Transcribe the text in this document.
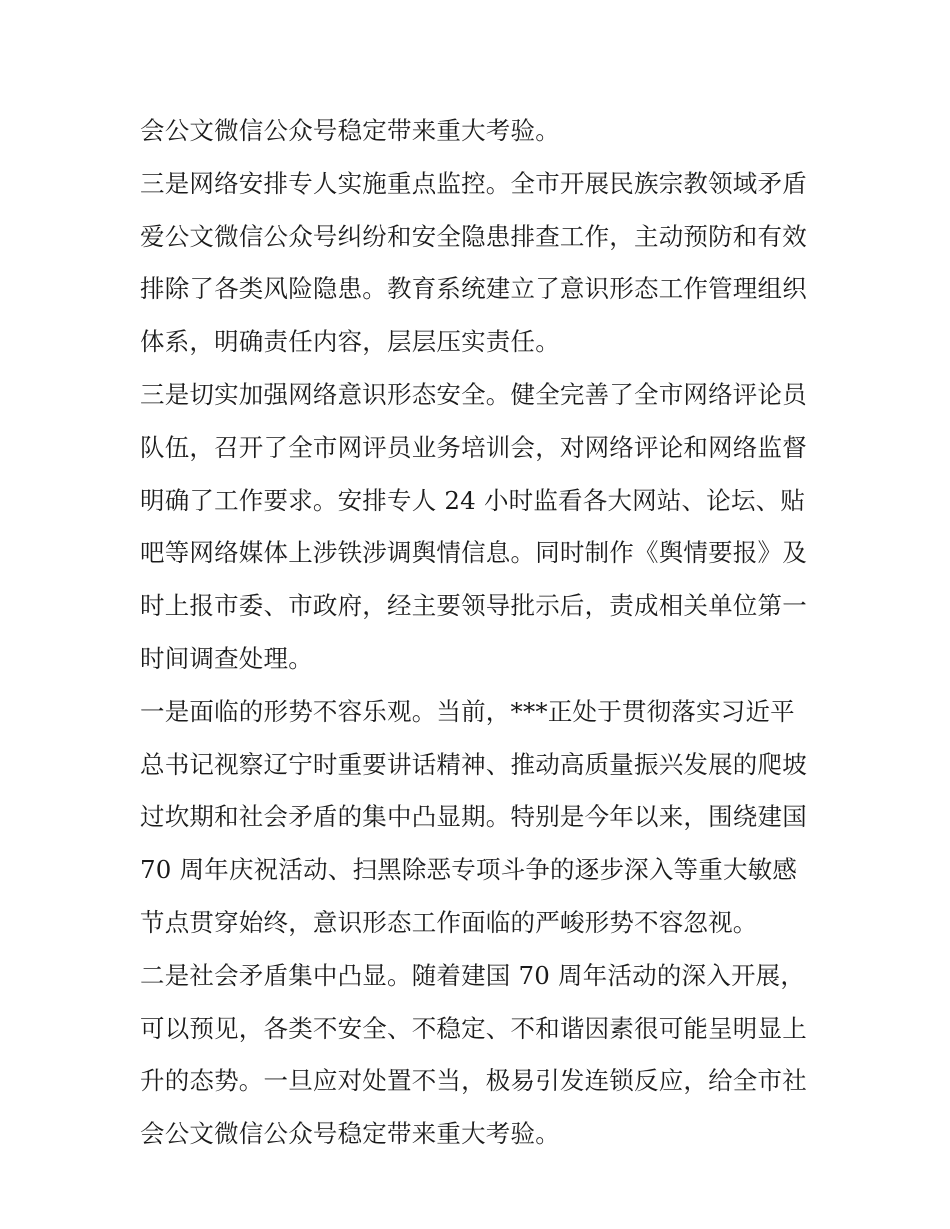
会公文微信公众号稳定带来重大考验。
三是网络安排专人实施重点监控。全市开展民族宗教领域矛盾
爱公文微信公众号纠纷和安全隐患排查工作，主动预防和有效
排除了各类风险隐患。教育系统建立了意识形态工作管理组织
体系，明确责任内容，层层压实责任。
三是切实加强网络意识形态安全。健全完善了全市网络评论员
队伍，召开了全市网评员业务培训会，对网络评论和网络监督
明确了工作要求。安排专人 24 小时监看各大网站、论坛、贴
吧等网络媒体上涉铁涉调舆情信息。同时制作《舆情要报》及
时上报市委、市政府，经主要领导批示后，责成相关单位第一
时间调查处理。
一是面临的形势不容乐观。当前，***正处于贯彻落实习近平
总书记视察辽宁时重要讲话精神、推动高质量振兴发展的爬坡
过坎期和社会矛盾的集中凸显期。特别是今年以来，围绕建国
70 周年庆祝活动、扫黑除恶专项斗争的逐步深入等重大敏感
节点贯穿始终，意识形态工作面临的严峻形势不容忽视。
二是社会矛盾集中凸显。随着建国 70 周年活动的深入开展，
可以预见，各类不安全、不稳定、不和谐因素很可能呈明显上
升的态势。一旦应对处置不当，极易引发连锁反应，给全市社
会公文微信公众号稳定带来重大考验。
